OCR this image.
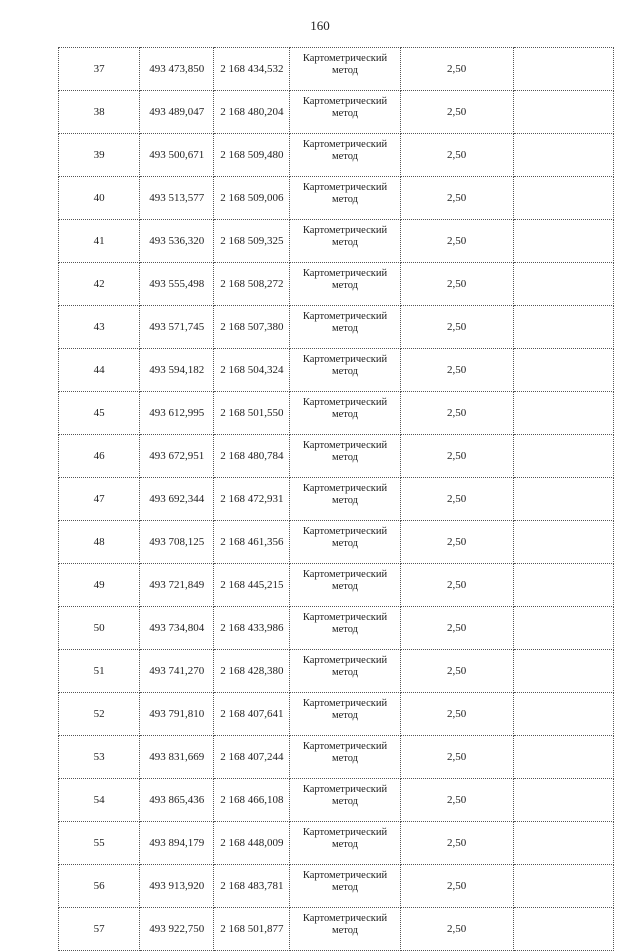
160
37	493 473,850	2 168 434,532	Картометрический метод	2,50	
38	493 489,047	2 168 480,204	Картометрический метод	2,50	
39	493 500,671	2 168 509,480	Картометрический метод	2,50	
40	493 513,577	2 168 509,006	Картометрический метод	2,50	
41	493 536,320	2 168 509,325	Картометрический метод	2,50	
42	493 555,498	2 168 508,272	Картометрический метод	2,50	
43	493 571,745	2 168 507,380	Картометрический метод	2,50	
44	493 594,182	2 168 504,324	Картометрический метод	2,50	
45	493 612,995	2 168 501,550	Картометрический метод	2,50	
46	493 672,951	2 168 480,784	Картометрический метод	2,50	
47	493 692,344	2 168 472,931	Картометрический метод	2,50	
48	493 708,125	2 168 461,356	Картометрический метод	2,50	
49	493 721,849	2 168 445,215	Картометрический метод	2,50	
50	493 734,804	2 168 433,986	Картометрический метод	2,50	
51	493 741,270	2 168 428,380	Картометрический метод	2,50	
52	493 791,810	2 168 407,641	Картометрический метод	2,50	
53	493 831,669	2 168 407,244	Картометрический метод	2,50	
54	493 865,436	2 168 466,108	Картометрический метод	2,50	
55	493 894,179	2 168 448,009	Картометрический метод	2,50	
56	493 913,920	2 168 483,781	Картометрический метод	2,50	
57	493 922,750	2 168 501,877	Картометрический метод	2,50	
